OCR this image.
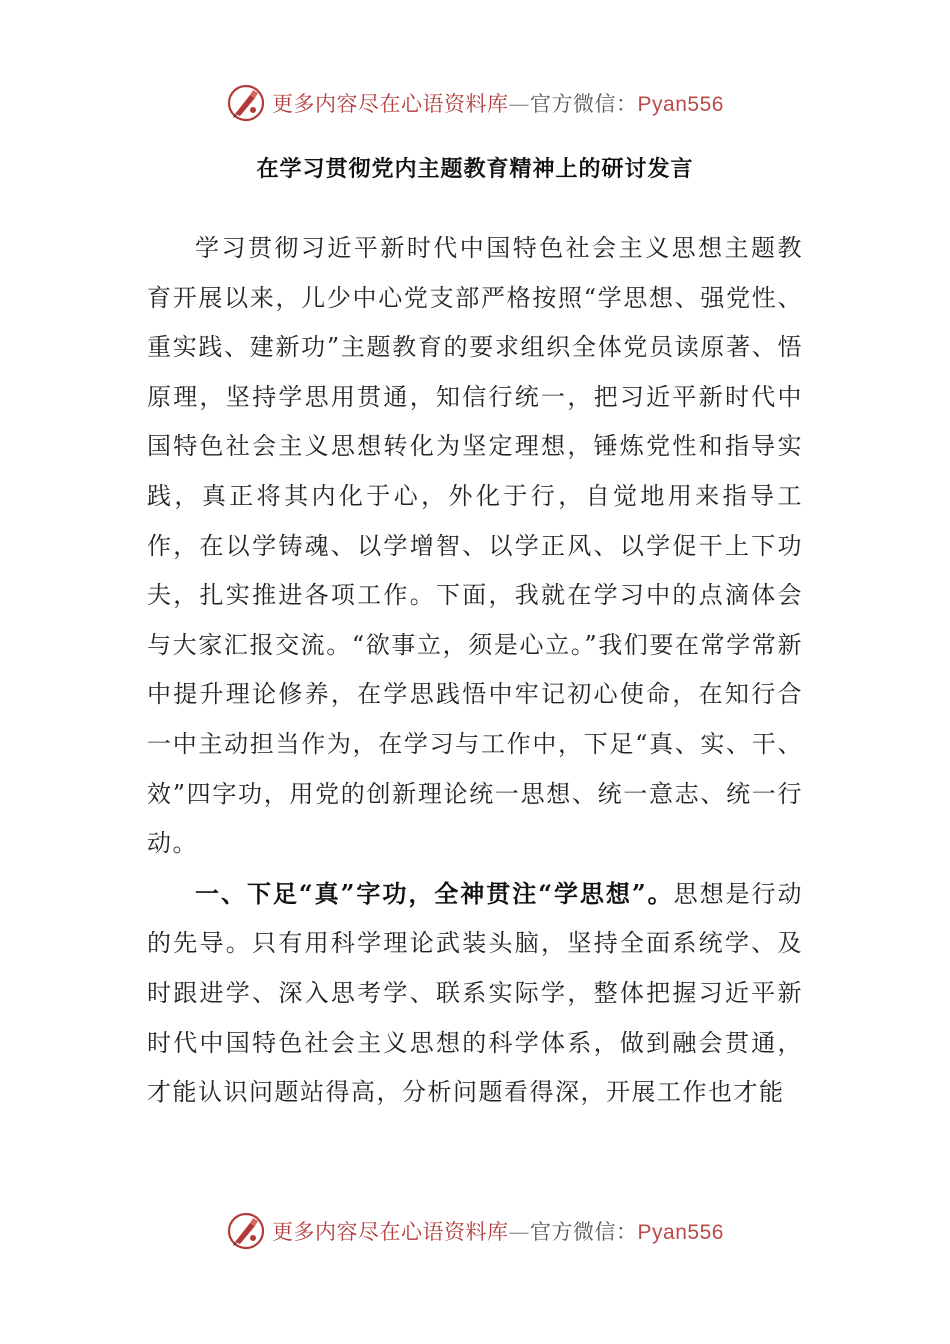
更多内容尽在心语资料库—官方微信：Pyan556
在学习贯彻党内主题教育精神上的研讨发言

学习贯彻习近平新时代中国特色社会主义思想主题教育开展以来，儿少中心党支部严格按照“学思想、强党性、重实践、建新功”主题教育的要求组织全体党员读原著、悟原理，坚持学思用贯通，知信行统一，把习近平新时代中国特色社会主义思想转化为坚定理想，锤炼党性和指导实践，真正将其内化于心，外化于行，自觉地用来指导工作，在以学铸魂、以学增智、以学正风、以学促干上下功夫，扎实推进各项工作。下面，我就在学习中的点滴体会与大家汇报交流。“欲事立，须是心立。”我们要在常学常新中提升理论修养，在学思践悟中牢记初心使命，在知行合一中主动担当作为，在学习与工作中，下足“真、实、干、效”四字功，用党的创新理论统一思想、统一意志、统一行动。

一、下足“真”字功，全神贯注“学思想”。思想是行动的先导。只有用科学理论武装头脑，坚持全面系统学、及时跟进学、深入思考学、联系实际学，整体把握习近平新时代中国特色社会主义思想的科学体系，做到融会贯通，才能认识问题站得高，分析问题看得深，开展工作也才能

更多内容尽在心语资料库—官方微信：Pyan556
